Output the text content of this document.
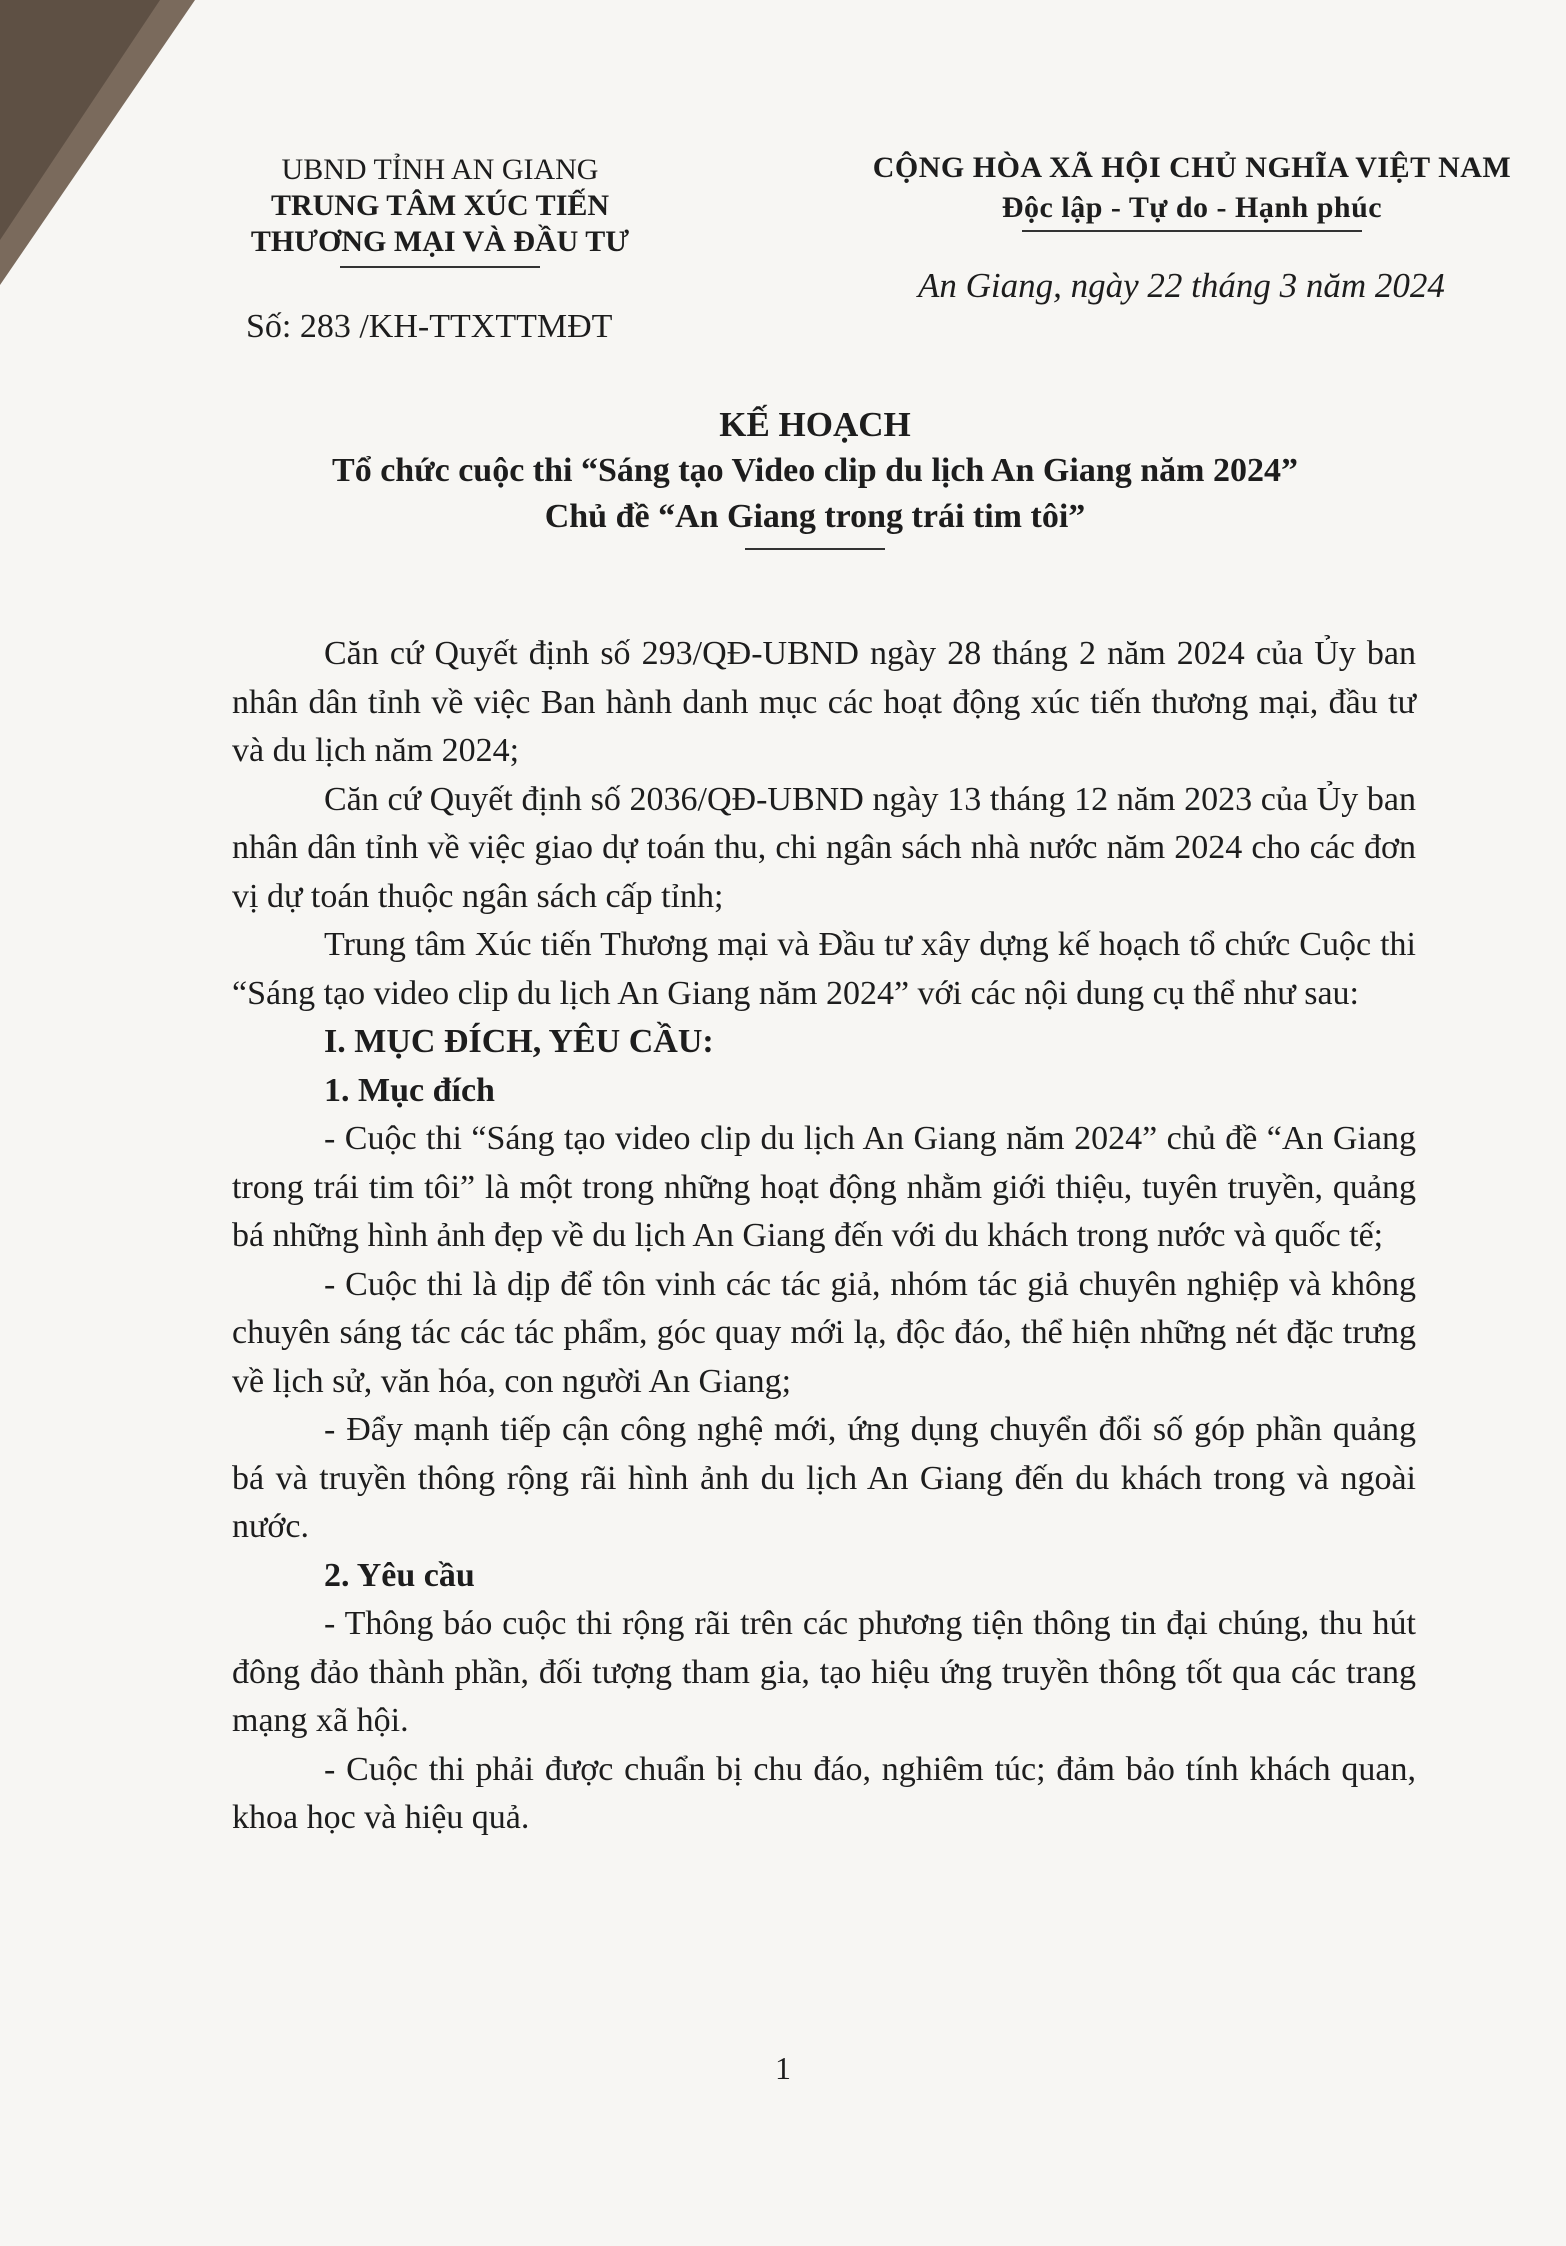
UBND TỈNH AN GIANG
TRUNG TÂM XÚC TIẾN
THƯƠNG MẠI VÀ ĐẦU TƯ
Số: 283 /KH-TTXTTMĐT
CỘNG HÒA XÃ HỘI CHỦ NGHĨA VIỆT NAM
Độc lập - Tự do - Hạnh phúc
An Giang, ngày 22 tháng 3 năm 2024
KẾ HOẠCH
Tổ chức cuộc thi “Sáng tạo Video clip du lịch An Giang năm 2024”
Chủ đề “An Giang trong trái tim tôi”

Căn cứ Quyết định số 293/QĐ-UBND ngày 28 tháng 2 năm 2024 của Ủy ban nhân dân tỉnh về việc Ban hành danh mục các hoạt động xúc tiến thương mại, đầu tư và du lịch năm 2024;

Căn cứ Quyết định số 2036/QĐ-UBND ngày 13 tháng 12 năm 2023 của Ủy ban nhân dân tỉnh về việc giao dự toán thu, chi ngân sách nhà nước năm 2024 cho các đơn vị dự toán thuộc ngân sách cấp tỉnh;

Trung tâm Xúc tiến Thương mại và Đầu tư xây dựng kế hoạch tổ chức Cuộc thi “Sáng tạo video clip du lịch An Giang năm 2024” với các nội dung cụ thể như sau:

I. MỤC ĐÍCH, YÊU CẦU:

1. Mục đích

- Cuộc thi “Sáng tạo video clip du lịch An Giang năm 2024” chủ đề “An Giang trong trái tim tôi” là một trong những hoạt động nhằm giới thiệu, tuyên truyền, quảng bá những hình ảnh đẹp về du lịch An Giang đến với du khách trong nước và quốc tế;

- Cuộc thi là dịp để tôn vinh các tác giả, nhóm tác giả chuyên nghiệp và không chuyên sáng tác các tác phẩm, góc quay mới lạ, độc đáo, thể hiện những nét đặc trưng về lịch sử, văn hóa, con người An Giang;

- Đẩy mạnh tiếp cận công nghệ mới, ứng dụng chuyển đổi số góp phần quảng bá và truyền thông rộng rãi hình ảnh du lịch An Giang đến du khách trong và ngoài nước.

2. Yêu cầu

- Thông báo cuộc thi rộng rãi trên các phương tiện thông tin đại chúng, thu hút đông đảo thành phần, đối tượng tham gia, tạo hiệu ứng truyền thông tốt qua các trang mạng xã hội.

- Cuộc thi phải được chuẩn bị chu đáo, nghiêm túc; đảm bảo tính khách quan, khoa học và hiệu quả.

1
